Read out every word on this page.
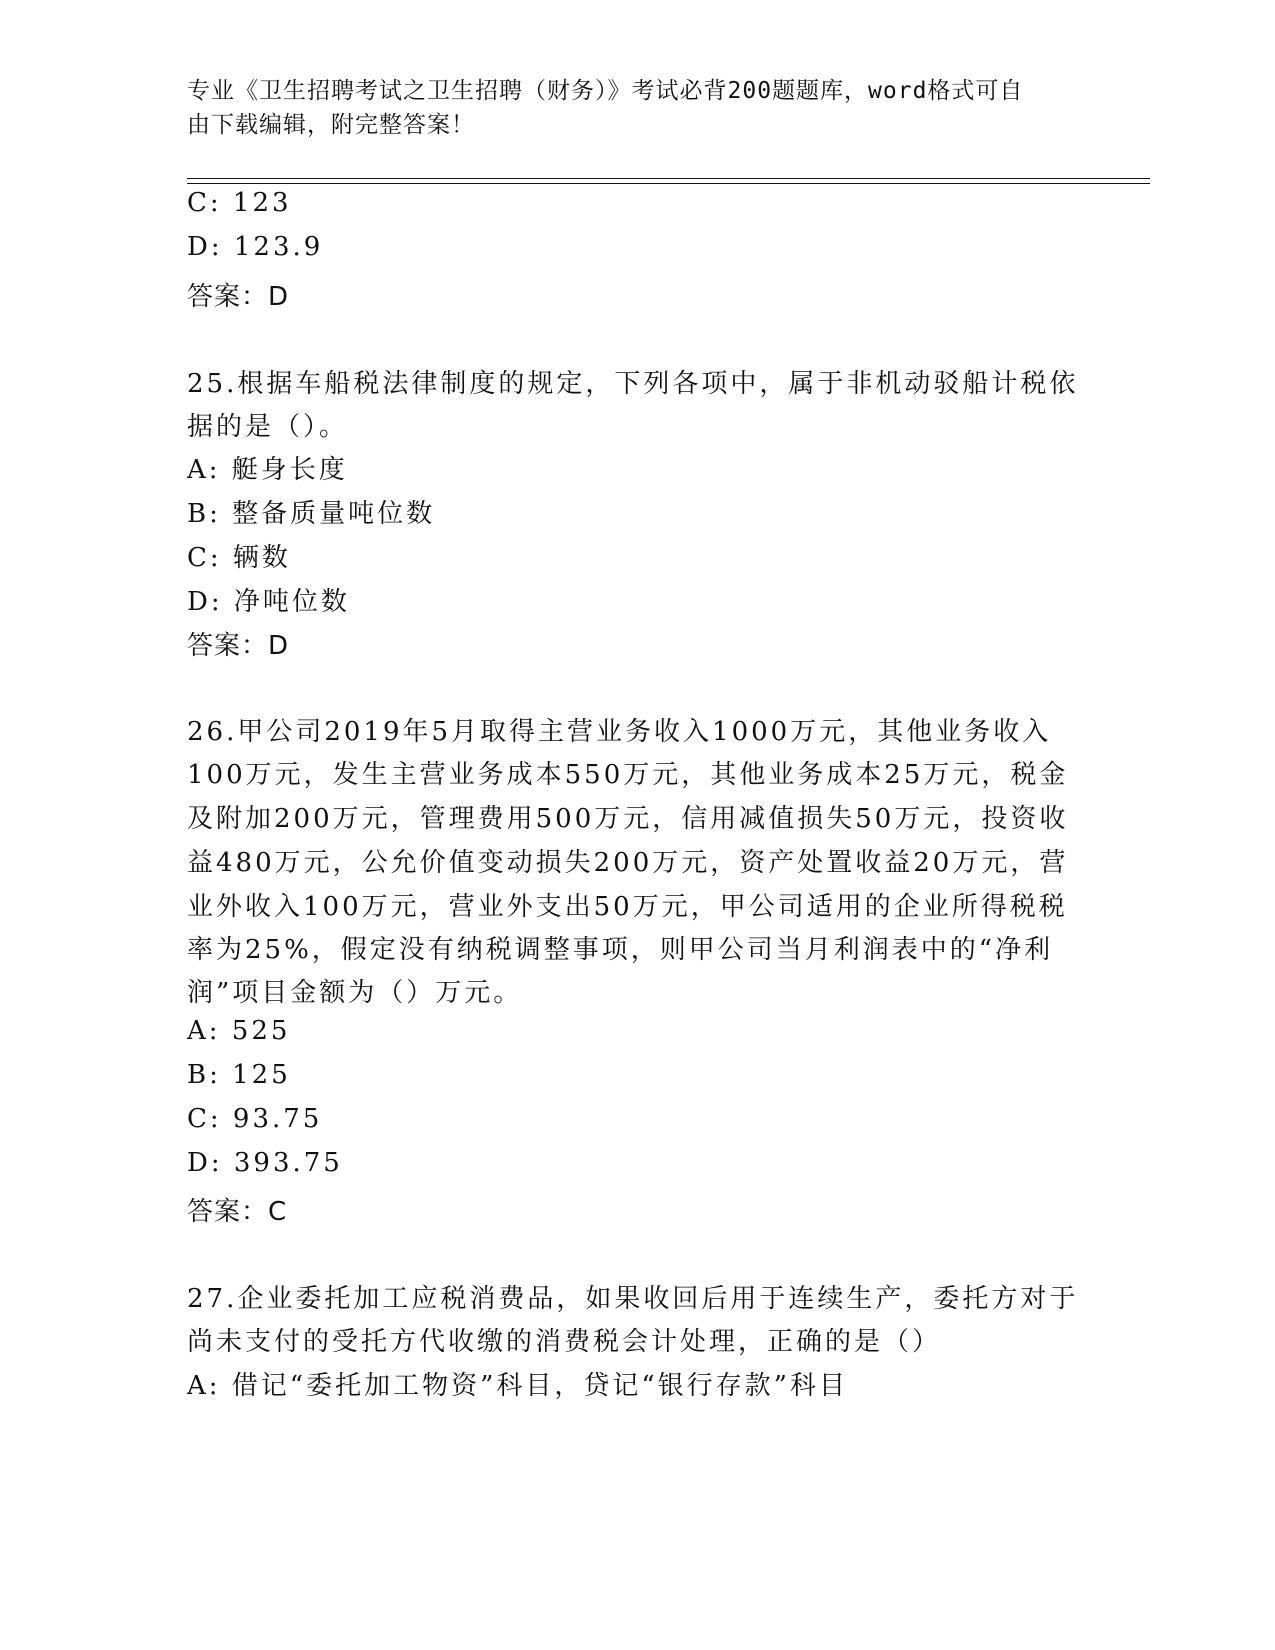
专业《卫生招聘考试之卫生招聘（财务）》考试必背200题题库，word格式可自
由下载编辑，附完整答案！
C: 123
D: 123.9
答案：D
25.根据车船税法律制度的规定，下列各项中，属于非机动驳船计税依
据的是（）。
A: 艇身长度
B: 整备质量吨位数
C: 辆数
D: 净吨位数
答案：D
26.甲公司2019年5月取得主营业务收入1000万元，其他业务收入
100万元，发生主营业务成本550万元，其他业务成本25万元，税金
及附加200万元，管理费用500万元，信用减值损失50万元，投资收
益480万元，公允价值变动损失200万元，资产处置收益20万元，营
业外收入100万元，营业外支出50万元，甲公司适用的企业所得税税
率为25%，假定没有纳税调整事项，则甲公司当月利润表中的“净利
润”项目金额为（）万元。
A: 525
B: 125
C: 93.75
D: 393.75
答案：C
27.企业委托加工应税消费品，如果收回后用于连续生产，委托方对于
尚未支付的受托方代收缴的消费税会计处理，正确的是（）
A: 借记“委托加工物资”科目，贷记“银行存款”科目
